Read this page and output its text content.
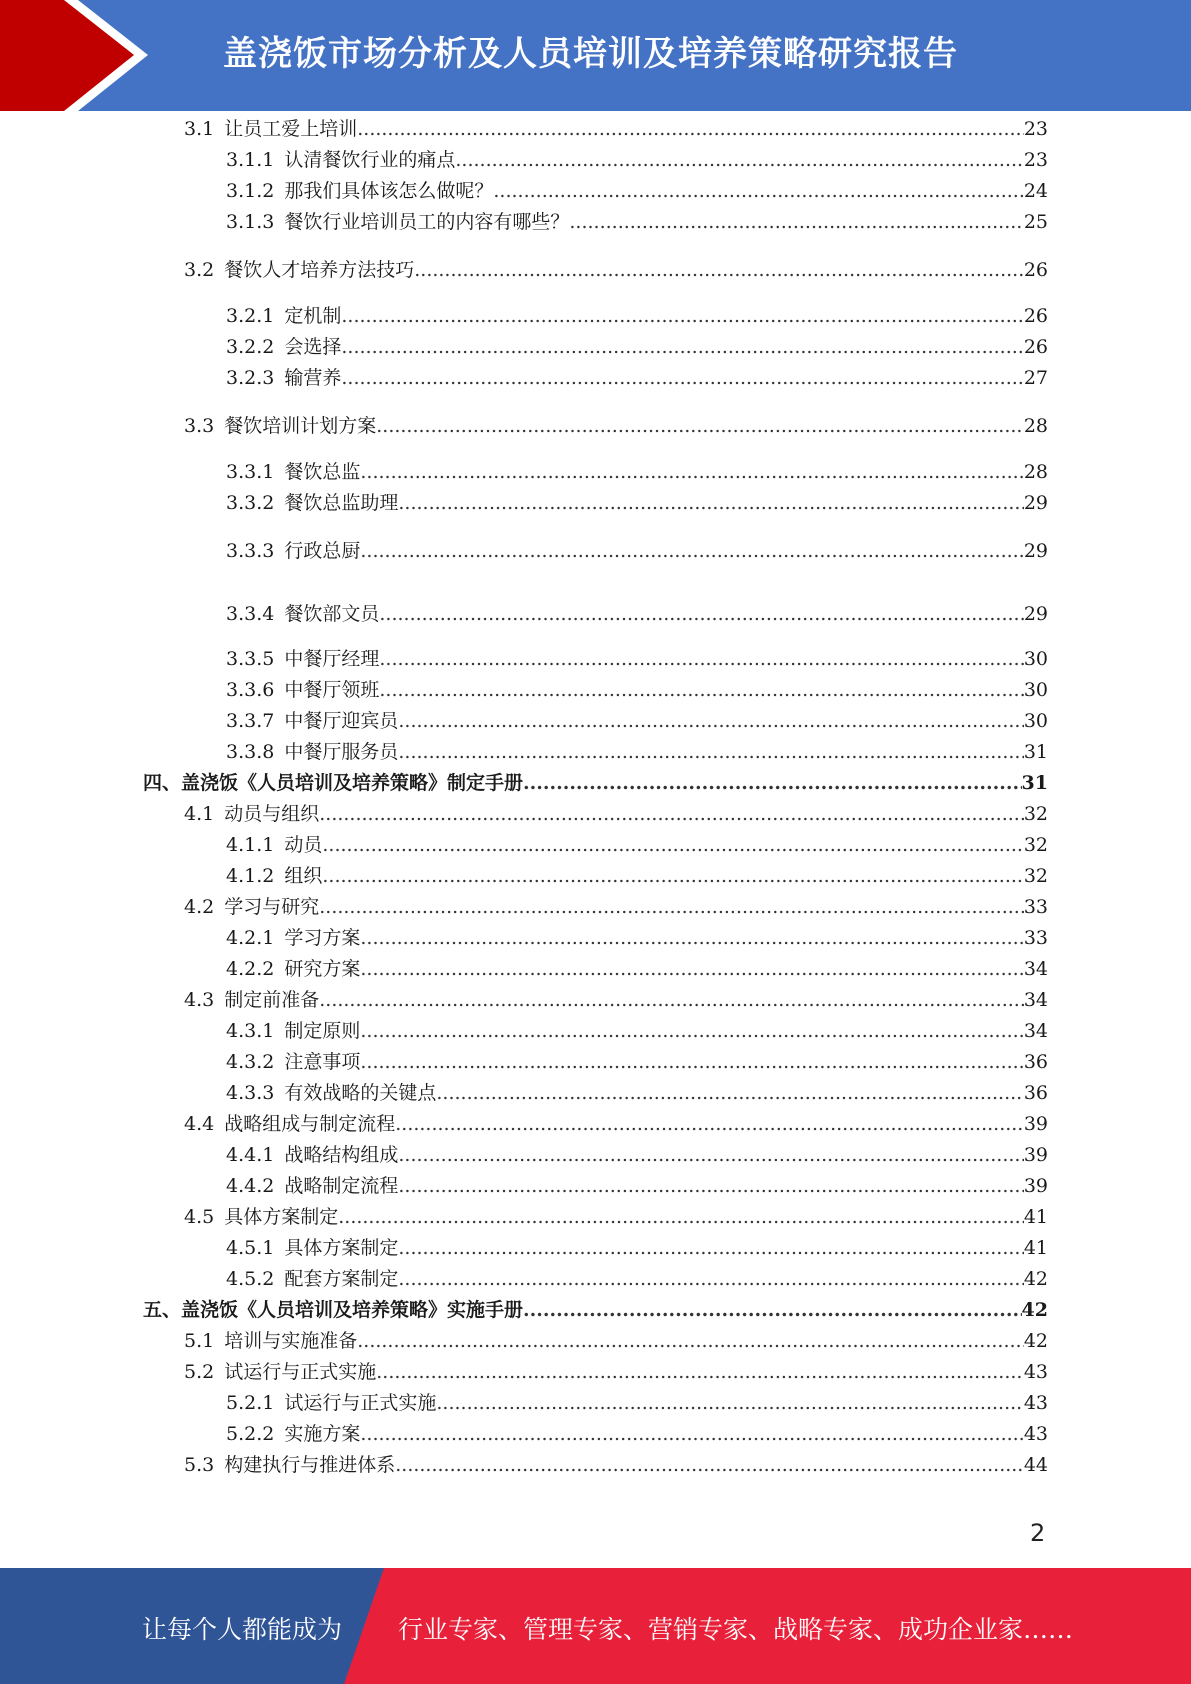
盖浇饭市场分析及人员培训及培养策略研究报告
3.1 让员工爱上培训 .....	23
3.1.1 认清餐饮行业的痛点 .....	23
3.1.2 那我们具体该怎么做呢？ .....	24
3.1.3 餐饮行业培训员工的内容有哪些？ .....	25
3.2 餐饮人才培养方法技巧 .....	26
3.2.1 定机制 .....	26
3.2.2 会选择 .....	26
3.2.3 输营养 .....	27
3.3 餐饮培训计划方案 .....	28
3.3.1 餐饮总监 .....	28
3.3.2 餐饮总监助理 .....	29
3.3.3 行政总厨 .....	29
3.3.4 餐饮部文员 .....	29
3.3.5 中餐厅经理 .....	30
3.3.6 中餐厅领班 .....	30
3.3.7 中餐厅迎宾员 .....	30
3.3.8 中餐厅服务员 .....	31
四、盖浇饭《人员培训及培养策略》制定手册 .....	31
4.1 动员与组织 .....	32
4.1.1 动员 .....	32
4.1.2 组织 .....	32
4.2 学习与研究 .....	33
4.2.1 学习方案 .....	33
4.2.2 研究方案 .....	34
4.3 制定前准备 .....	34
4.3.1 制定原则 .....	34
4.3.2 注意事项 .....	36
4.3.3 有效战略的关键点 .....	36
4.4 战略组成与制定流程 .....	39
4.4.1 战略结构组成 .....	39
4.4.2 战略制定流程 .....	39
4.5 具体方案制定 .....	41
4.5.1 具体方案制定 .....	41
4.5.2 配套方案制定 .....	42
五、盖浇饭《人员培训及培养策略》实施手册 .....	42
5.1 培训与实施准备 .....	42
5.2 试运行与正式实施 .....	43
5.2.1 试运行与正式实施 .....	43
5.2.2 实施方案 .....	43
5.3 构建执行与推进体系 .....	44
2
让每个人都能成为 行业专家、管理专家、营销专家、战略专家、成功企业家……
